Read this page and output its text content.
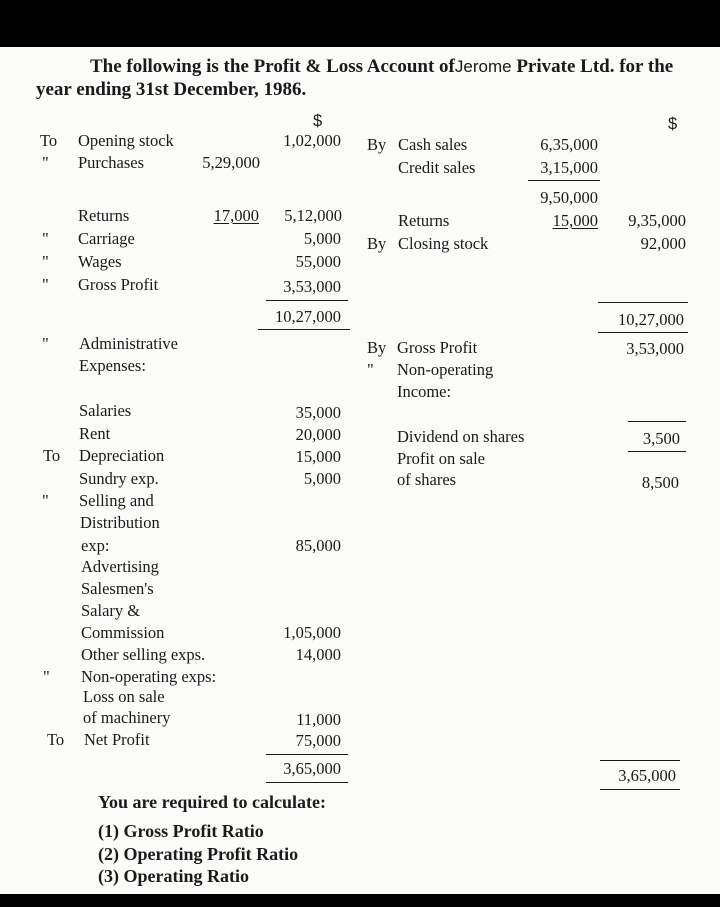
The following is the Profit & Loss Account ofJerome Private Ltd. for the
year ending 31st December, 1986.
$	$
To Opening stock	1,02,000
" Purchases	5,29,000
Returns	17,000	5,12,000
" Carriage	5,000
" Wages	55,000
" Gross Profit	3,53,000
10,27,000
" Administrative
Expenses:
Salaries	35,000
Rent	20,000
To Depreciation	15,000
Sundry exp.	5,000
" Selling and
Distribution
exp:	85,000
Advertising
Salesmen's
Salary &
Commission	1,05,000
Other selling exps.	14,000
" Non-operating exps:
Loss on sale
of machinery	11,000
To Net Profit	75,000
3,65,000
By Cash sales	6,35,000
Credit sales	3,15,000
9,50,000
Returns	15,000	9,35,000
By Closing stock	92,000
10,27,000
By Gross Profit	3,53,000
" Non-operating
Income:
Dividend on shares	3,500
Profit on sale
of shares	8,500
3,65,000
You are required to calculate:
(1) Gross Profit Ratio
(2) Operating Profit Ratio
(3) Operating Ratio
